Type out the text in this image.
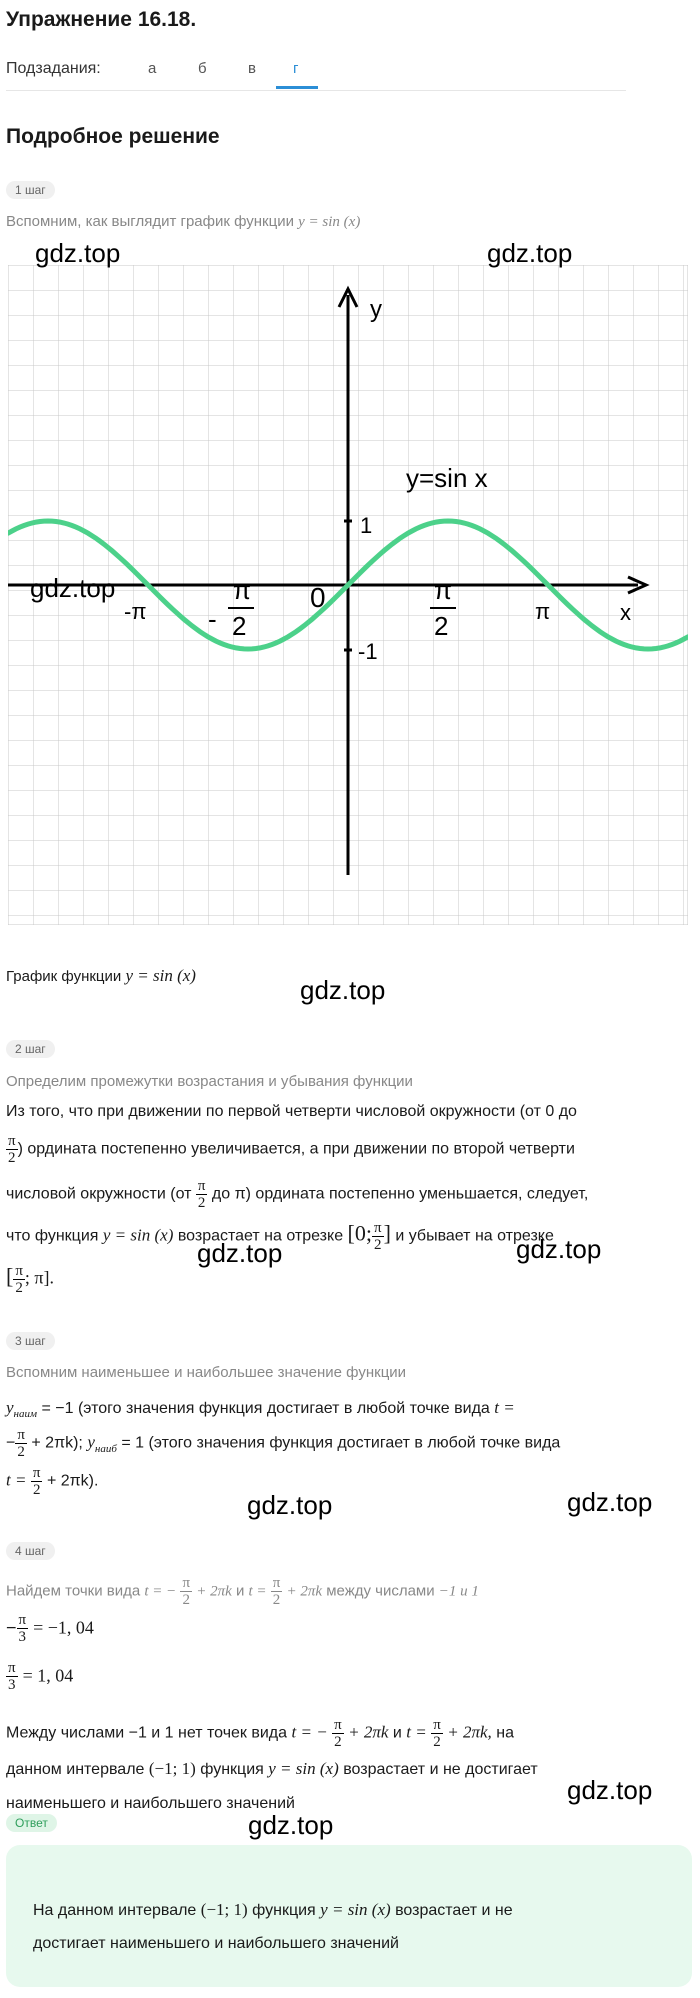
Упражнение 16.18.
Подзадания:	а	б	в г
Подробное решение
1 шаг
Вспомним, как выглядит график функции y = sin (x)
y
x
y=sin x
1
-1
0
-π -
π
2
π
2	π
График функции y = sin (x)
2 шаг
Определим промежутки возрастания и убывания функции
Из того, что при движении по первой четверти числовой окружности (от 0 до
$\frac{\pi}{2}$ ) ордината постепенно увеличивается, а при движении по второй четверти
числовой окружности ($от \frac{\pi}{2}$ до π) ордината постепенно уменьшается, следует,
что функция y = sin (x) возрастает на отрезке [0; $\frac{\pi}{2}$ ] и убывает на отрезке
[ $\frac{\pi}{2}$ ; π].
3 шаг
Вспомним наименьшее и наибольшее значение функции
$y_{наим} = -1$ (этого значения функция достигает в любой точке вида t =
− $\frac{\pi}{2} + 2\pi k$); $y_{наиб} = 1$ (этого значения функция достигает в любой точке вида
$t = \frac{\pi}{2} + 2\pi k$).
4 шаг
Найдем точки вида t = − $\frac{\pi}{2} + 2\pi k$ и $t = \frac{\pi}{2} + 2\pi k$ между числами −1 и 1
− $\frac{\pi}{3} = -1$, 04
$\frac{\pi}{3} = 1$, 04
Между числами −1 и 1 нет точек вида t = − $\frac{\pi}{2} + 2\pi k$ и $t = \frac{\pi}{2} + 2\pi k$, на
данном интервале (−1; 1) функция y = sin (x) возрастает и не достигает
наименьшего и наибольшего значений
Ответ
На данном интервале (−1; 1) функция y = sin (x) возрастает и не
достигает наименьшего и наибольшего значений
gdz.top	gdz.top
gdz.top
gdz.top
gdz.top	gdz.top
gdz.top	gdz.top
gdz.top
gdz.top
